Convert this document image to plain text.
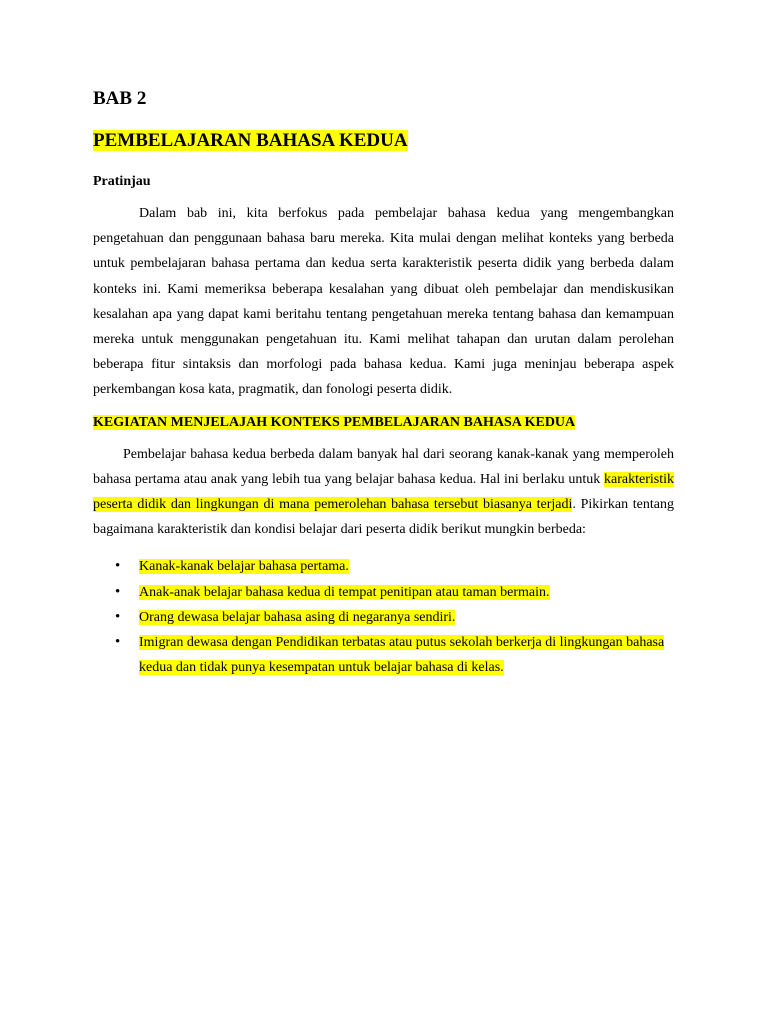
BAB 2
PEMBELAJARAN BAHASA KEDUA
Pratinjau

Dalam bab ini, kita berfokus pada pembelajar bahasa kedua yang mengembangkan pengetahuan dan penggunaan bahasa baru mereka. Kita mulai dengan melihat konteks yang berbeda untuk pembelajaran bahasa pertama dan kedua serta karakteristik peserta didik yang berbeda dalam konteks ini. Kami memeriksa beberapa kesalahan yang dibuat oleh pembelajar dan mendiskusikan kesalahan apa yang dapat kami beritahu tentang pengetahuan mereka tentang bahasa dan kemampuan mereka untuk menggunakan pengetahuan itu. Kami melihat tahapan dan urutan dalam perolehan beberapa fitur sintaksis dan morfologi pada bahasa kedua. Kami juga meninjau beberapa aspek perkembangan kosa kata, pragmatik, dan fonologi peserta didik.

KEGIATAN MENJELAJAH KONTEKS PEMBELAJARAN BAHASA KEDUA

Pembelajar bahasa kedua berbeda dalam banyak hal dari seorang kanak-kanak yang memperoleh bahasa pertama atau anak yang lebih tua yang belajar bahasa kedua. Hal ini berlaku untuk karakteristik peserta didik dan lingkungan di mana pemerolehan bahasa tersebut biasanya terjadi. Pikirkan tentang bagaimana karakteristik dan kondisi belajar dari peserta didik berikut mungkin berbeda:

• Kanak-kanak belajar bahasa pertama.
• Anak-anak belajar bahasa kedua di tempat penitipan atau taman bermain.
• Orang dewasa belajar bahasa asing di negaranya sendiri.
• Imigran dewasa dengan Pendidikan terbatas atau putus sekolah berkerja di lingkungan bahasa kedua dan tidak punya kesempatan untuk belajar bahasa di kelas.
